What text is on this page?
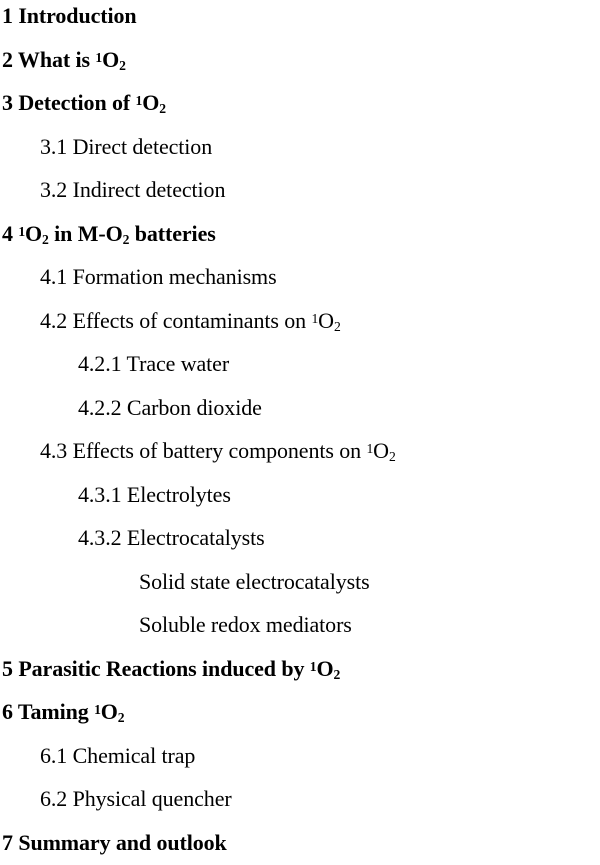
1 Introduction
2 What is $^1O_2$
3 Detection of $^1O_2$
3.1 Direct detection
3.2 Indirect detection
4 $^1O_2$ in $M-O_2$ batteries
4.1 Formation mechanisms
4.2 Effects of contaminants on $^1O_2$
4.2.1 Trace water
4.2.2 Carbon dioxide
4.3 Effects of battery components on $^1O_2$
4.3.1 Electrolytes
4.3.2 Electrocatalysts
Solid state electrocatalysts
Soluble redox mediators
5 Parasitic Reactions induced by $^1O_2$
6 Taming $^1O_2$
6.1 Chemical trap
6.2 Physical quencher
7 Summary and outlook
